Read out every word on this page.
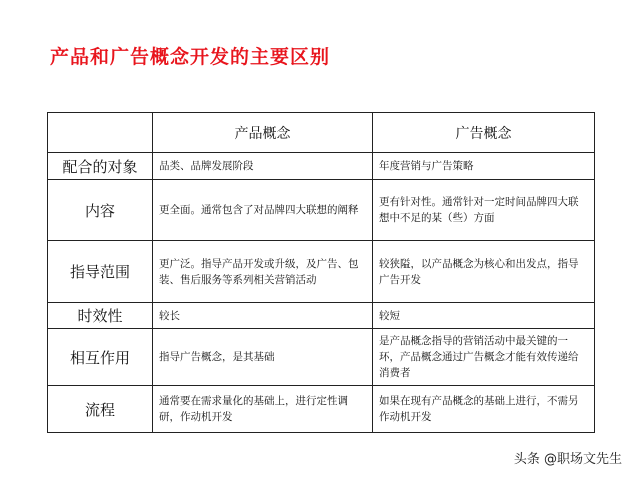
产品和广告概念开发的主要区别
	产品概念	广告概念
配合的对象	品类、品牌发展阶段	年度营销与广告策略
内容	更全面。通常包含了对品牌四大联想的阐释	更有针对性。通常针对一定时间品牌四大联想中不足的某（些）方面
指导范围	更广泛。指导产品开发或升级，及广告、包装、售后服务等系列相关营销活动	较狭隘，以产品概念为核心和出发点，指导广告开发
时效性	较长	较短
相互作用	指导广告概念，是其基础	是产品概念指导的营销活动中最关键的一环，产品概念通过广告概念才能有效传递给消费者
流程	通常要在需求量化的基础上，进行定性调研，作动机开发	如果在现有产品概念的基础上进行，不需另作动机开发
头条 @职场文先生
